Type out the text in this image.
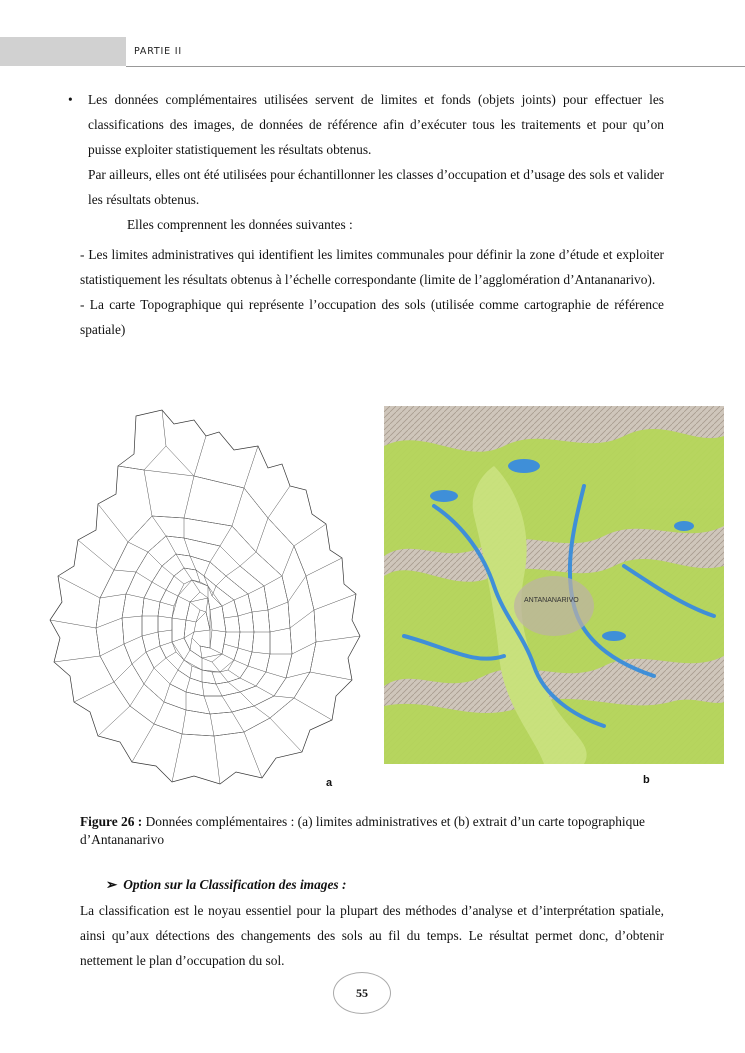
PARTIE II
• Les données complémentaires utilisées servent de limites et fonds (objets joints) pour effectuer les classifications des images, de données de référence afin d’exécuter tous les traitements et pour qu’on puisse exploiter statistiquement les résultats obtenus.

Par ailleurs, elles ont été utilisées pour échantillonner les classes d’occupation et d’usage des sols et valider les résultats obtenus.

Elles comprennent les données suivantes :

- Les limites administratives qui identifient les limites communales pour définir la zone d’étude et exploiter statistiquement les résultats obtenus à l’échelle correspondante (limite de l’agglomération d’Antananarivo).

- La carte Topographique qui représente l’occupation des sols (utilisée comme cartographie de référence spatiale)

a
ANTANANARIVO
b
Figure 26 : Données complémentaires : (a) limites administratives et (b) extrait d’un carte topographique d’Antananarivo
➢ Option sur la Classification des images :
La classification est le noyau essentiel pour la plupart des méthodes d’analyse et d’interprétation spatiale, ainsi qu’aux détections des changements des sols au fil du temps. Le résultat permet donc, d’obtenir nettement le plan d’occupation du sol.
55
